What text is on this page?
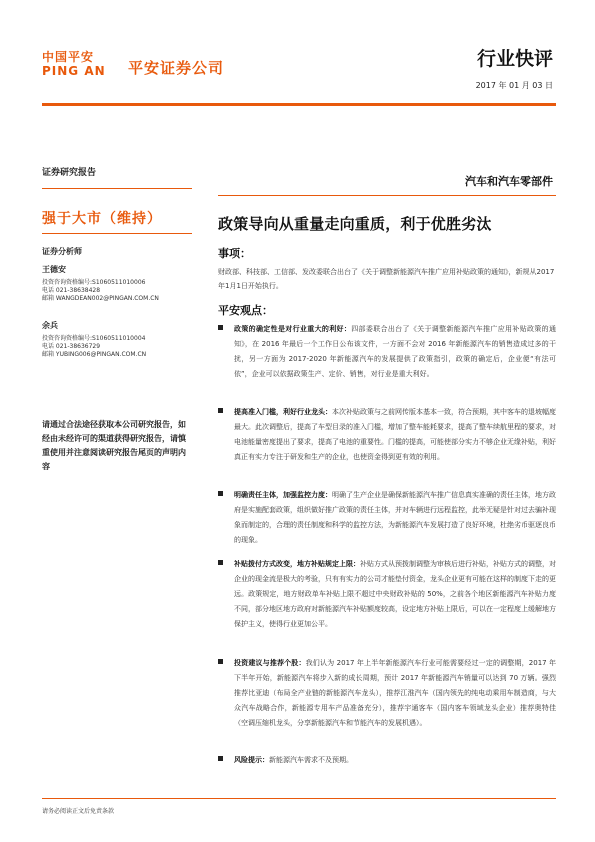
中国平安
PING AN	平安证券公司	行业快评
2017 年 01 月 03 日
证券研究报告
强于大市（维持）
证券分析师
王德安
投资咨询资格编号:S1060511010006
电话 021-38638428
邮箱 WANGDEAN002@PINGAN.COM.CN
余兵
投资咨询资格编号:S1060511010004
电话 021-38636729
邮箱 YUBING006@PINGAN.COM.CN
请通过合法途径获取本公司研究报告，如经由未经许可的渠道获得研究报告，请慎重使用并注意阅读研究报告尾页的声明内容
汽车和汽车零部件
政策导向从重量走向重质，利于优胜劣汰
事项：
财政部、科技部、工信部、发改委联合出台了《关于调整新能源汽车推广应用补贴政策的通知》，新规从2017年1月1日开始执行。
平安观点：
政策的确定性是对行业重大的利好：四部委联合出台了《关于调整新能源汽车推广应用补贴政策的通知》，在 2016 年最后一个工作日公布该文件，一方面不会对 2016 年新能源汽车的销售造成过多的干扰，另一方面为 2017-2020 年新能源汽车的发展提供了政策指引，政策的确定后，企业便“有法可依”，企业可以依据政策生产、定价、销售，对行业是重大利好。
提高准入门槛，利好行业龙头：本次补贴政策与之前网传版本基本一致，符合预期，其中客车的退坡幅度最大。此次调整后，提高了车型目录的准入门槛，增加了整车能耗要求，提高了整车续航里程的要求，对电池能量密度提出了要求，提高了电池的重要性。门槛的提高，可能使部分实力不够企业无缘补贴，利好真正有实力专注于研发和生产的企业，也使资金得到更有效的利用。
明确责任主体，加强监控力度：明确了生产企业是确保新能源汽车推广信息真实准确的责任主体，地方政府是实施配套政策，组织做好推广政策的责任主体，并对车辆进行远程监控，此举无疑是针对过去骗补现象而制定的，合理的责任制度和科学的监控方法，为新能源汽车发展打造了良好环境，杜绝劣币驱逐良币的现象。
补贴拨付方式改变，地方补贴规定上限：补贴方式从预拨制调整为审核后进行补贴，补贴方式的调整，对企业的现金流是极大的考验，只有有实力的公司才能垫付资金，龙头企业更有可能在这样的制度下走的更远。政策规定，地方财政单车补贴上限不超过中央财政补贴的 50%，之前各个地区新能源汽车补贴力度不同，部分地区地方政府对新能源汽车补贴额度较高，设定地方补贴上限后，可以在一定程度上缓解地方保护主义，使得行业更加公平。
投资建议与推荐个股：我们认为 2017 年上半年新能源汽车行业可能需要经过一定的调整期，2017 年下半年开始，新能源汽车将步入新的成长周期，预计 2017 年新能源汽车销量可以达到 70 万辆。强烈推荐比亚迪（布局全产业链的新能源汽车龙头），推荐江淮汽车（国内领先的纯电动乘用车制造商，与大众汽车战略合作，新能源专用车产品准备充分），推荐宇通客车（国内客车领域龙头企业）推荐奥特佳（空调压缩机龙头，分享新能源汽车和节能汽车的发展机遇）。
风险提示：新能源汽车需求不及预期。
请务必阅读正文后免责条款
